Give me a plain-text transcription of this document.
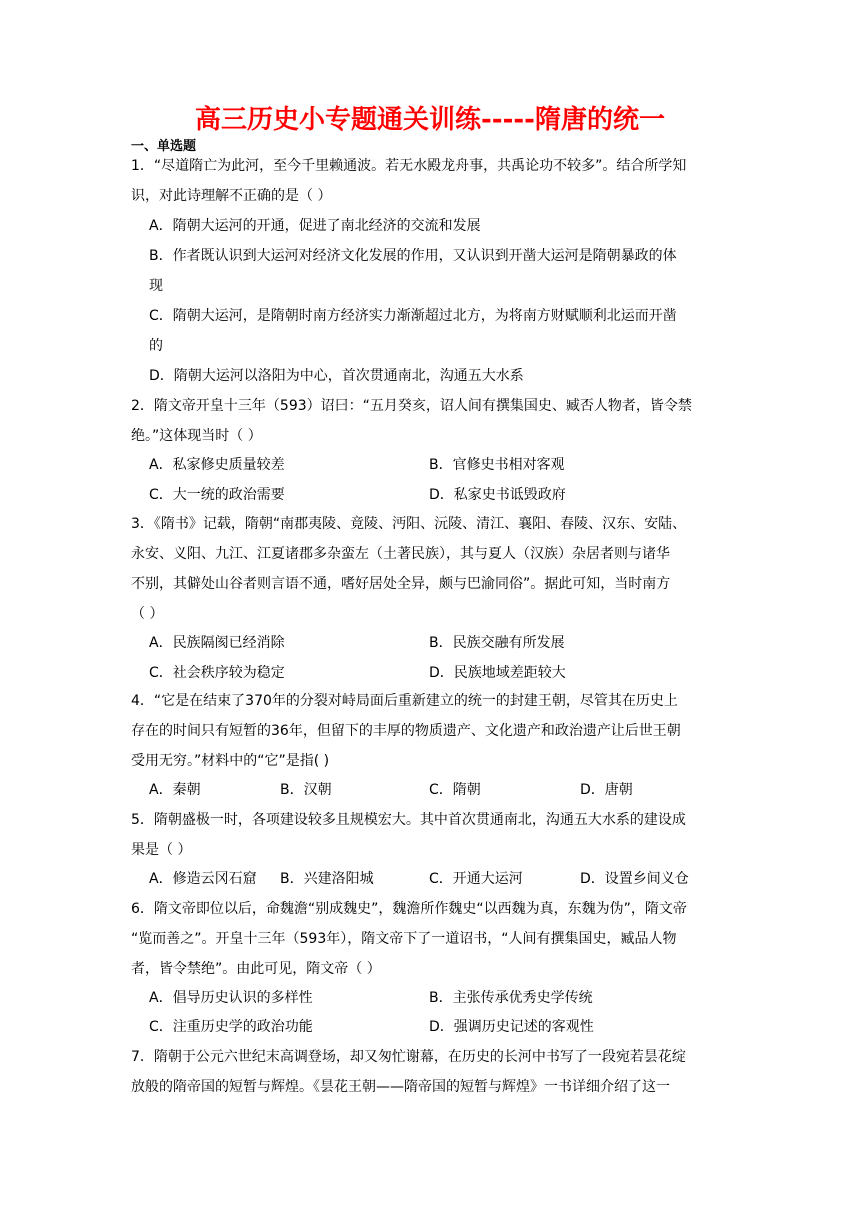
高三历史小专题通关训练-----隋唐的统一
一、单选题
1．“尽道隋亡为此河，至今千里赖通波。若无水殿龙舟事，共禹论功不较多”。结合所学知
识，对此诗理解不正确的是（ ）
A．隋朝大运河的开通，促进了南北经济的交流和发展
B．作者既认识到大运河对经济文化发展的作用，又认识到开凿大运河是隋朝暴政的体
现
C．隋朝大运河，是隋朝时南方经济实力渐渐超过北方，为将南方财赋顺利北运而开凿
的
D．隋朝大运河以洛阳为中心，首次贯通南北，沟通五大水系
2．隋文帝开皇十三年（593）诏曰：“五月癸亥，诏人间有撰集国史、臧否人物者，皆令禁
绝。”这体现当时（ ）
A．私家修史质量较差	B．官修史书相对客观
C．大一统的政治需要	D．私家史书诋毁政府
3．《隋书》记载，隋朝“南郡夷陵、竟陵、沔阳、沅陵、清江、襄阳、春陵、汉东、安陆、
永安、义阳、九江、江夏诸郡多杂蛮左（土著民族），其与夏人（汉族）杂居者则与诸华
不别，其僻处山谷者则言语不通，嗜好居处全异，颇与巴渝同俗”。据此可知，当时南方
（ ）
A．民族隔阂已经消除	B．民族交融有所发展
C．社会秩序较为稳定	D．民族地域差距较大
4．“它是在结束了370年的分裂对峙局面后重新建立的统一的封建王朝，尽管其在历史上
存在的时间只有短暂的36年，但留下的丰厚的物质遗产、文化遗产和政治遗产让后世王朝
受用无穷。”材料中的“它”是指( )
A．秦朝	B．汉朝	C．隋朝	D．唐朝
5．隋朝盛极一时，各项建设较多且规模宏大。其中首次贯通南北，沟通五大水系的建设成
果是（ ）
A．修造云冈石窟 B．兴建洛阳城	C．开通大运河	D．设置乡间义仓
6．隋文帝即位以后，命魏澹“别成魏史”，魏澹所作魏史“以西魏为真，东魏为伪”，隋文帝
“览而善之”。开皇十三年（593年），隋文帝下了一道诏书，“人间有撰集国史，臧品人物
者，皆令禁绝”。由此可见，隋文帝（ ）
A．倡导历史认识的多样性	B．主张传承优秀史学传统
C．注重历史学的政治功能	D．强调历史记述的客观性
7．隋朝于公元六世纪末高调登场，却又匆忙谢幕，在历史的长河中书写了一段宛若昙花绽
放般的隋帝国的短暂与辉煌。《昙花王朝——隋帝国的短暂与辉煌》一书详细介绍了这一
